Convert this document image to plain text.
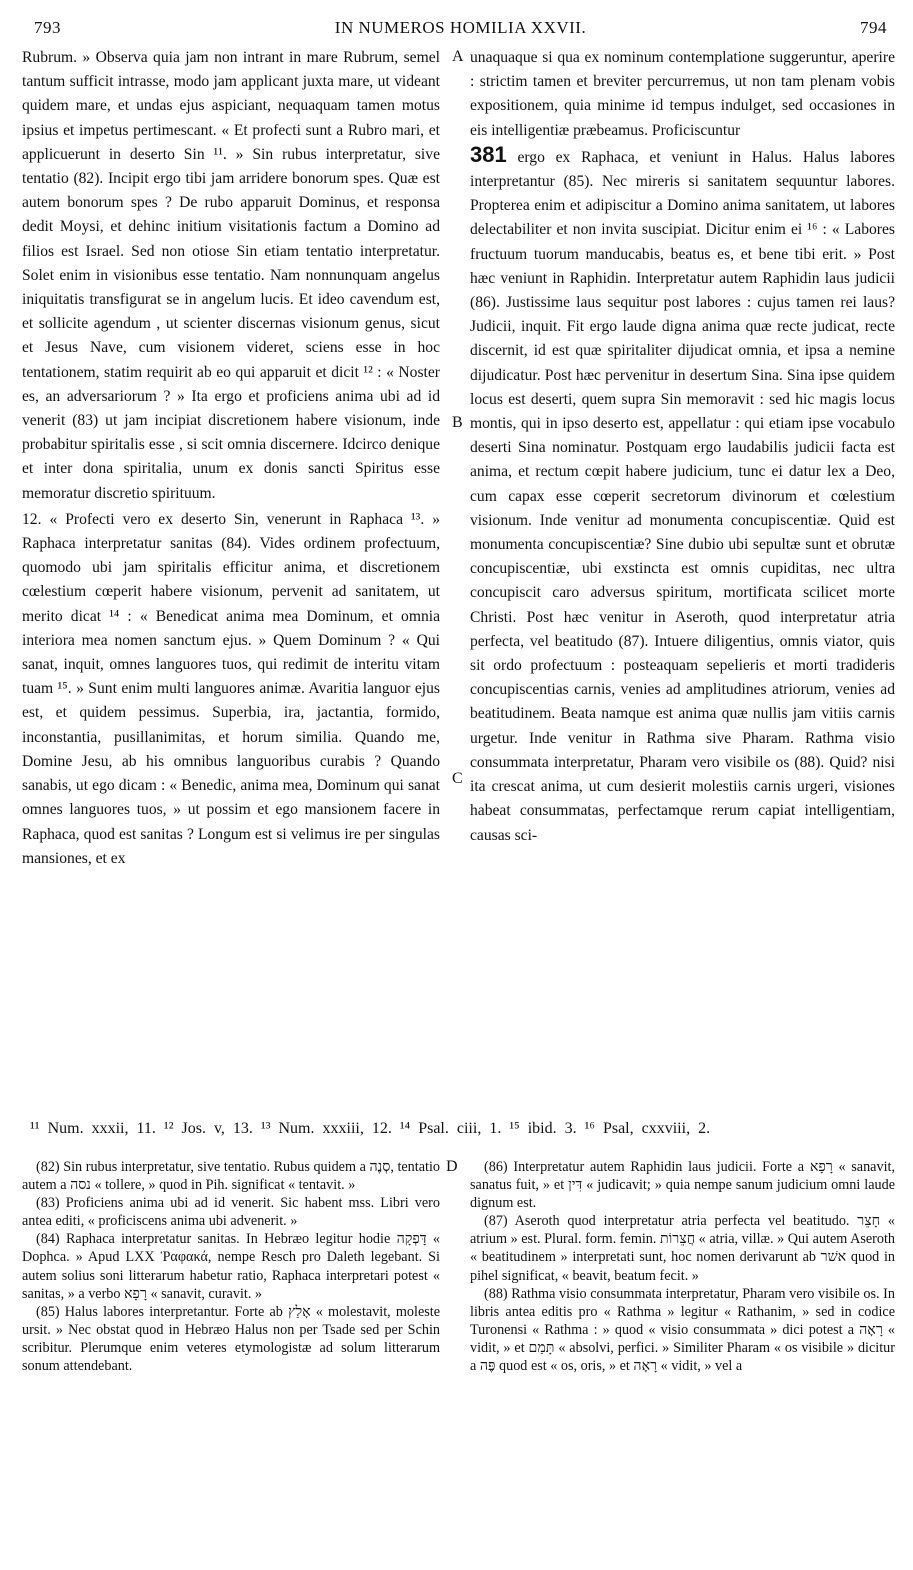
793	IN NUMEROS HOMILIA XXVII.	794
A
B
C
D

Rubrum. » Observa quia jam non intrant in mare Rubrum, semel tantum sufficit intrasse, modo jam applicant juxta mare, ut videant quidem mare, et undas ejus aspiciant, nequaquam tamen motus ipsius et impetus pertimescant. « Et profecti sunt a Rubro mari, et applicuerunt in deserto Sin ¹¹. » Sin rubus interpretatur, sive tentatio (82). Incipit ergo tibi jam arridere bonorum spes. Quæ est autem bonorum spes ? De rubo apparuit Dominus, et responsa dedit Moysi, et dehinc initium visitationis factum a Domino ad filios est Israel. Sed non otiose Sin etiam tentatio interpretatur. Solet enim in visionibus esse tentatio. Nam nonnunquam angelus iniquitatis transfigurat se in angelum lucis. Et ideo cavendum est, et sollicite agendum , ut scienter discernas visionum genus, sicut et Jesus Nave, cum visionem videret, sciens esse in hoc tentationem, statim requirit ab eo qui apparuit et dicit ¹² : « Noster es, an adversariorum ? » Ita ergo et proficiens anima ubi ad id venerit (83) ut jam incipiat discretionem habere visionum, inde probabitur spiritalis esse , si scit omnia discernere. Idcirco denique et inter dona spiritalia, unum ex donis sancti Spiritus esse memoratur discretio spirituum.

12. « Profecti vero ex deserto Sin, venerunt in Raphaca ¹³. » Raphaca interpretatur sanitas (84). Vides ordinem profectuum, quomodo ubi jam spiritalis efficitur anima, et discretionem cœlestium cœperit habere visionum, pervenit ad sanitatem, ut merito dicat ¹⁴ : « Benedicat anima mea Dominum, et omnia interiora mea nomen sanctum ejus. » Quem Dominum ? « Qui sanat, inquit, omnes languores tuos, qui redimit de interitu vitam tuam ¹⁵. » Sunt enim multi languores animæ. Avaritia languor ejus est, et quidem pessimus. Superbia, ira, jactantia, formido, inconstantia, pusillanimitas, et horum similia. Quando me, Domine Jesu, ab his omnibus languoribus curabis ? Quando sanabis, ut ego dicam : « Benedic, anima mea, Dominum qui sanat omnes languores tuos, » ut possim et ego mansionem facere in Raphaca, quod est sanitas ? Longum est si velimus ire per singulas mansiones, et ex

unaquaque si qua ex nominum contemplatione suggeruntur, aperire : strictim tamen et breviter percurremus, ut non tam plenam vobis expositionem, quia minime id tempus indulget, sed occasiones in eis intelligentiæ præbeamus. Proficiscuntur

381 ergo ex Raphaca, et veniunt in Halus. Halus labores interpretantur (85). Nec mireris si sanitatem sequuntur labores. Propterea enim et adipiscitur a Domino anima sanitatem, ut labores delectabiliter et non invita suscipiat. Dicitur enim ei ¹⁶ : « Labores fructuum tuorum manducabis, beatus es, et bene tibi erit. » Post hæc veniunt in Raphidin. Interpretatur autem Raphidin laus judicii (86). Justissime laus sequitur post labores : cujus tamen rei laus? Judicii, inquit. Fit ergo laude digna anima quæ recte judicat, recte discernit, id est quæ spiritaliter dijudicat omnia, et ipsa a nemine dijudicatur. Post hæc pervenitur in desertum Sina. Sina ipse quidem locus est deserti, quem supra Sin memoravit : sed hic magis locus montis, qui in ipso deserto est, appellatur : qui etiam ipse vocabulo deserti Sina nominatur. Postquam ergo laudabilis judicii facta est anima, et rectum cœpit habere judicium, tunc ei datur lex a Deo, cum capax esse cœperit secretorum divinorum et cœlestium visionum. Inde venitur ad monumenta concupiscentiæ. Quid est monumenta concupiscentiæ? Sine dubio ubi sepultæ sunt et obrutæ concupiscentiæ, ubi exstincta est omnis cupiditas, nec ultra concupiscit caro adversus spiritum, mortificata scilicet morte Christi. Post hæc venitur in Aseroth, quod interpretatur atria perfecta, vel beatitudo (87). Intuere diligentius, omnis viator, quis sit ordo profectuum : posteaquam sepelieris et morti tradideris concupiscentias carnis, venies ad amplitudines atriorum, venies ad beatitudinem. Beata namque est anima quæ nullis jam vitiis carnis urgetur. Inde venitur in Rathma sive Pharam. Rathma visio consummata interpretatur, Pharam vero visibile os (88). Quid? nisi ita crescat anima, ut cum desierit molestiis carnis urgeri, visiones habeat consummatas, perfectamque rerum capiat intelligentiam, causas sci-

¹¹ Num. xxxii, 11. ¹² Jos. v, 13. ¹³ Num. xxxiii, 12. ¹⁴ Psal. ciii, 1. ¹⁵ ibid. 3. ¹⁶ Psal, cxxviii, 2.

(82) Sin rubus interpretatur, sive tentatio. Rubus quidem a סְנֶה, tentatio autem a נסה « tollere, » quod in Pih. significat « tentavit. »

(83) Proficiens anima ubi ad id venerit. Sic habent mss. Libri vero antea editi, « proficiscens anima ubi advenerit. »

(84) Raphaca interpretatur sanitas. In Hebræo legitur hodie דָּפְקָה « Dophca. » Apud LXX Ῥαφακά, nempe Resch pro Daleth legebant. Si autem solius soni litterarum habetur ratio, Raphaca interpretari potest « sanitas, » a verbo רָפָא « sanavit, curavit. »

(85) Halus labores interpretantur. Forte ab אָלַץ « molestavit, moleste ursit. » Nec obstat quod in Hebræo Halus non per Tsade sed per Schin scribitur. Plerumque enim veteres etymologistæ ad solum litterarum sonum attendebant.

(86) Interpretatur autem Raphidin laus judicii. Forte a רָפָא « sanavit, sanatus fuit, » et דִּין « judicavit; » quia nempe sanum judicium omni laude dignum est.

(87) Aseroth quod interpretatur atria perfecta vel beatitudo. חָצֵר « atrium » est. Plural. form. femin. חֲצֵרוֹת « atria, villæ. » Qui autem Aseroth « beatitudinem » interpretati sunt, hoc nomen derivarunt ab אשׁר quod in pihel significat, « beavit, beatum fecit. »

(88) Rathma visio consummata interpretatur, Pharam vero visibile os. In libris antea editis pro « Rathma » legitur « Rathanim, » sed in codice Turonensi « Rathma : » quod « visio consummata » dici potest a רָאָה « vidit, » et תָּמַם « absolvi, perfici. » Similiter Pharam « os visibile » dicitur a פֶּה quod est « os, oris, » et רָאָה « vidit, » vel a
